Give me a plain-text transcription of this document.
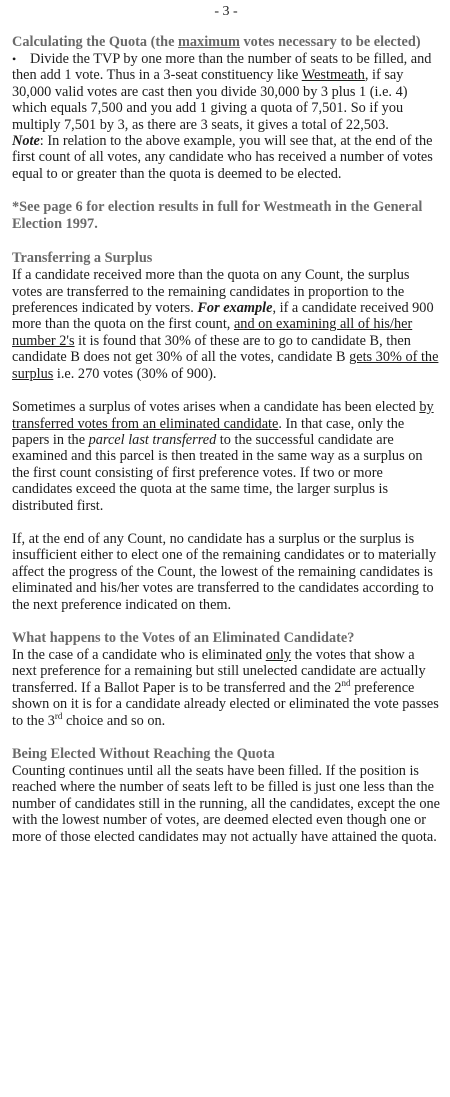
- 3 -
Calculating the Quota (the maximum votes necessary to be elected)

• Divide the TVP by one more than the number of seats to be filled, and then add 1 vote. Thus in a 3-seat constituency like Westmeath, if say 30,000 valid votes are cast then you divide 30,000 by 3 plus 1 (i.e. 4) which equals 7,500 and you add 1 giving a quota of 7,501. So if you multiply 7,501 by 3, as there are 3 seats, it gives a total of 22,503.

Note: In relation to the above example, you will see that, at the end of the first count of all votes, any candidate who has received a number of votes equal to or greater than the quota is deemed to be elected.

*See page 6 for election results in full for Westmeath in the General Election 1997.
Transferring a Surplus

If a candidate received more than the quota on any Count, the surplus votes are transferred to the remaining candidates in proportion to the preferences indicated by voters. For example, if a candidate received 900 more than the quota on the first count, and on examining all of his/her number 2's it is found that 30% of these are to go to candidate B, then candidate B does not get 30% of all the votes, candidate B gets 30% of the surplus i.e. 270 votes (30% of 900).

Sometimes a surplus of votes arises when a candidate has been elected by transferred votes from an eliminated candidate. In that case, only the papers in the parcel last transferred to the successful candidate are examined and this parcel is then treated in the same way as a surplus on the first count consisting of first preference votes. If two or more candidates exceed the quota at the same time, the larger surplus is distributed first.

If, at the end of any Count, no candidate has a surplus or the surplus is insufficient either to elect one of the remaining candidates or to materially affect the progress of the Count, the lowest of the remaining candidates is eliminated and his/her votes are transferred to the candidates according to the next preference indicated on them.

What happens to the Votes of an Eliminated Candidate?

In the case of a candidate who is eliminated only the votes that show a next preference for a remaining but still unelected candidate are actually transferred. If a Ballot Paper is to be transferred and the 2nd preference shown on it is for a candidate already elected or eliminated the vote passes to the 3rd choice and so on.

Being Elected Without Reaching the Quota

Counting continues until all the seats have been filled. If the position is reached where the number of seats left to be filled is just one less than the number of candidates still in the running, all the candidates, except the one with the lowest number of votes, are deemed elected even though one or more of those elected candidates may not actually have attained the quota.
